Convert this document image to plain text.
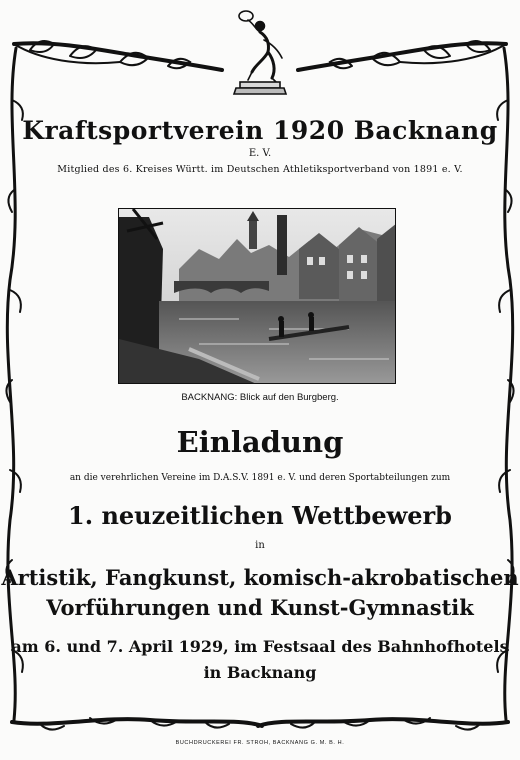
Kraftsportverein 1920 Backnang
E. V.
Mitglied des 6. Kreises Württ. im Deutschen Athletiksportverband von 1891 e. V.
BACKNANG: Blick auf den Burgberg.
Einladung
an die verehrlichen Vereine im D.A.S.V. 1891 e. V. und deren Sportabteilungen zum
1. neuzeitlichen Wettbewerb
in
Artistik, Fangkunst, komisch-akrobatischen
Vorführungen und Kunst-Gymnastik
am 6. und 7. April 1929, im Festsaal des Bahnhofhotels
in Backnang
BUCHDRUCKEREI FR. STROH, BACKNANG G. M. B. H.
